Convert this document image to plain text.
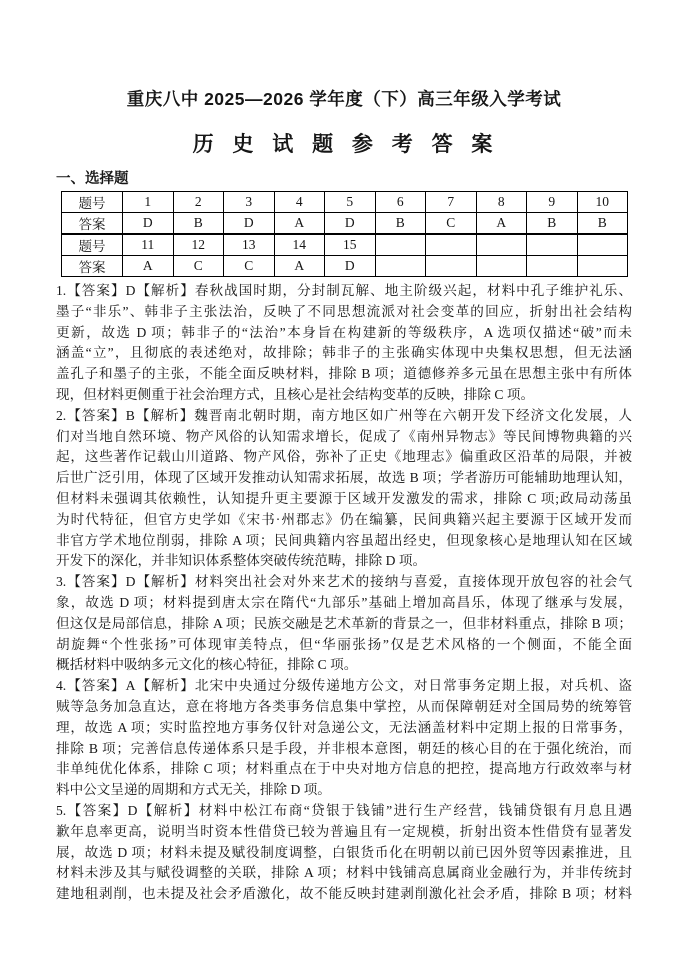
重庆八中 2025—2026 学年度（下）高三年级入学考试
历 史 试 题 参 考 答 案
一、选择题
题号	1	2	3	4	5	6	7	8	9	10
答案	D	B	D	A	D	B	C	A	B	B
题号	11	12	13	14	15					
答案	A	C	C	A	D					
1.【答案】D【解析】春秋战国时期，分封制瓦解、地主阶级兴起，材料中孔子维护礼乐、
墨子“非乐”、韩非子主张法治，反映了不同思想流派对社会变革的回应，折射出社会结构
更新，故选 D 项；韩非子的“法治”本身旨在构建新的等级秩序，A 选项仅描述“破”而未
涵盖“立”，且彻底的表述绝对，故排除；韩非子的主张确实体现中央集权思想，但无法涵
盖孔子和墨子的主张，不能全面反映材料，排除 B 项；道德修养多元虽在思想主张中有所体
现，但材料更侧重于社会治理方式，且核心是社会结构变革的反映，排除 C 项。
2.【答案】B【解析】魏晋南北朝时期，南方地区如广州等在六朝开发下经济文化发展，人
们对当地自然环境、物产风俗的认知需求增长，促成了《南州异物志》等民间博物典籍的兴
起，这些著作记载山川道路、物产风俗，弥补了正史《地理志》偏重政区沿革的局限，并被
后世广泛引用，体现了区域开发推动认知需求拓展，故选 B 项；学者游历可能辅助地理认知，
但材料未强调其依赖性，认知提升更主要源于区域开发激发的需求，排除 C 项;政局动荡虽
为时代特征，但官方史学如《宋书·州郡志》仍在编纂，民间典籍兴起主要源于区域开发而
非官方学术地位削弱，排除 A 项；民间典籍内容虽超出经史，但现象核心是地理认知在区域
开发下的深化，并非知识体系整体突破传统范畴，排除 D 项。
3.【答案】D【解析】材料突出社会对外来艺术的接纳与喜爱，直接体现开放包容的社会气
象，故选 D 项；材料提到唐太宗在隋代“九部乐”基础上增加高昌乐，体现了继承与发展，
但这仅是局部信息，排除 A 项；民族交融是艺术革新的背景之一，但非材料重点，排除 B 项；
胡旋舞“个性张扬”可体现审美特点，但“华丽张扬”仅是艺术风格的一个侧面，不能全面
概括材料中吸纳多元文化的核心特征，排除 C 项。
4.【答案】A【解析】北宋中央通过分级传递地方公文，对日常事务定期上报，对兵机、盗
贼等急务加急直达，意在将地方各类事务信息集中掌控，从而保障朝廷对全国局势的统筹管
理，故选 A 项；实时监控地方事务仅针对急递公文，无法涵盖材料中定期上报的日常事务，
排除 B 项；完善信息传递体系只是手段，并非根本意图，朝廷的核心目的在于强化统治，而
非单纯优化体系，排除 C 项；材料重点在于中央对地方信息的把控，提高地方行政效率与材
料中公文呈递的周期和方式无关，排除 D 项。
5.【答案】D【解析】材料中松江布商“贷银于钱铺”进行生产经营，钱铺贷银有月息且遇
歉年息率更高，说明当时资本性借贷已较为普遍且有一定规模，折射出资本性借贷有显著发
展，故选 D 项；材料未提及赋役制度调整，白银货币化在明朝以前已因外贸等因素推进，且
材料未涉及其与赋役调整的关联，排除 A 项；材料中钱铺高息属商业金融行为，并非传统封
建地租剥削，也未提及社会矛盾激化，故不能反映封建剥削激化社会矛盾，排除 B 项；材料
